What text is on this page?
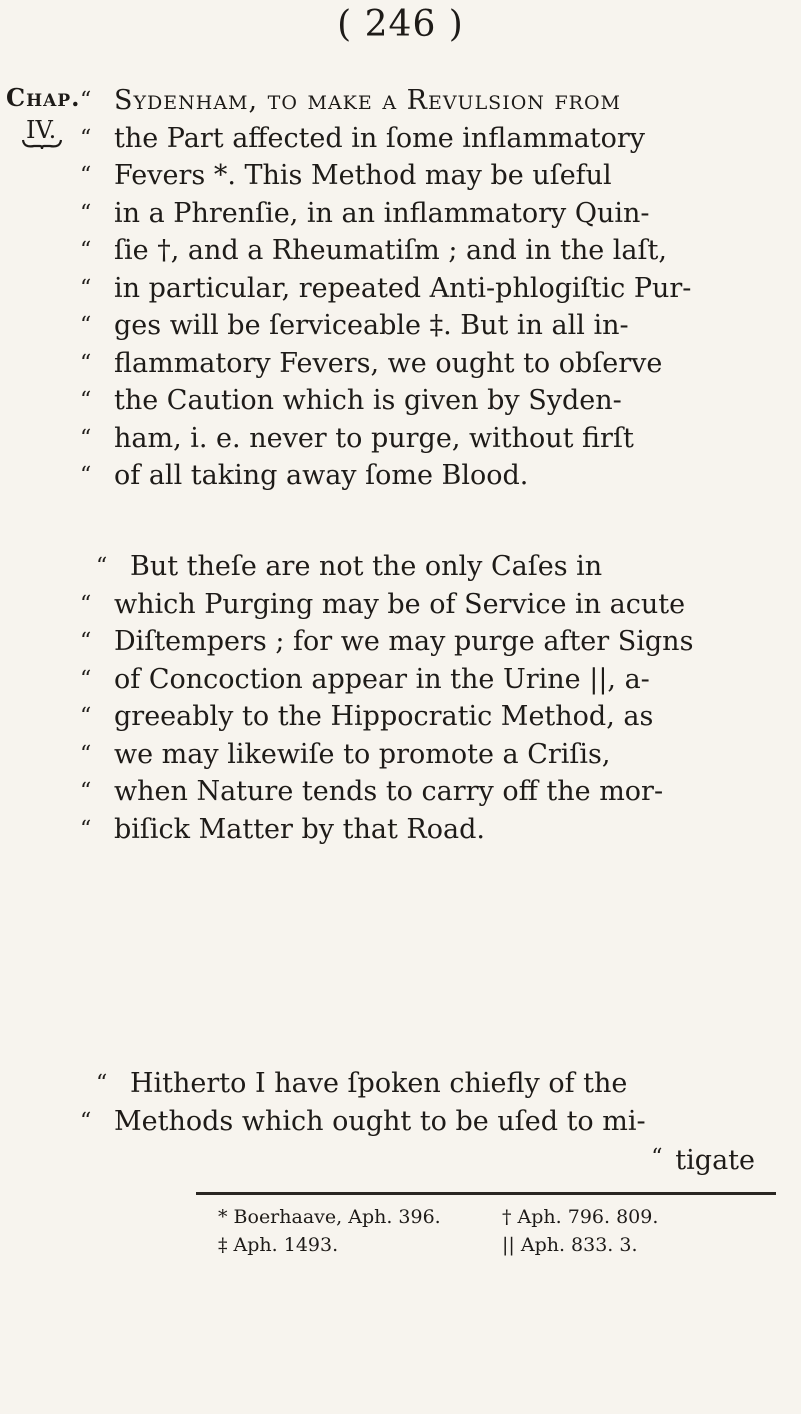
( 246 )
Chap.
IV.
“ Sydenham, to make a Revulſion from
“ the Part affected in ſome inflammatory
“ Fevers *. This Method may be uſeful
“ in a Phrenſie, in an inflammatory Quin-
“ ſie †, and a Rheumatiſm ; and in the laſt,
“ in particular, repeated Anti-phlogiſtic Pur-
“ ges will be ſerviceable ‡. But in all in-
“ flammatory Fevers, we ought to obſerve
“ the Caution which is given by Syden-
“ ham, i. e. never to purge, without firſt
“ of all taking away ſome Blood.
“ But theſe are not the only Caſes in
“ which Purging may be of Service in acute
“ Diſtempers ; for we may purge after Signs
“ of Concoction appear in the Urine ||, a-
“ greeably to the Hippocratic Method, as
“ we may likewiſe to promote a Criſis,
“ when Nature tends to carry off the mor-
“ biſick Matter by that Road.
“ Hitherto I have ſpoken chiefly of the
“ Methods which ought to be uſed to mi-
“ tigate
* Boerhaave, Aph. 396.	† Aph. 796. 809.
‡ Aph. 1493.	|| Aph. 833. 3.
